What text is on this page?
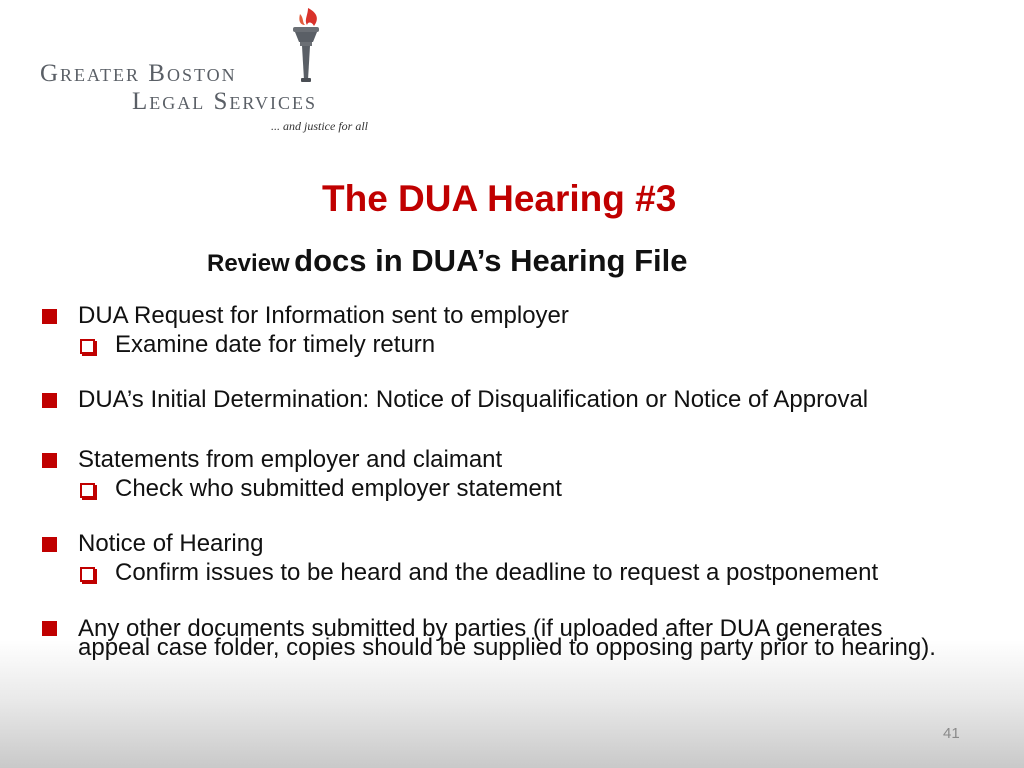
Greater Boston
Legal Services
... and justice for all
The DUA Hearing #3
Review docs in DUA’s Hearing File
DUA Request for Information sent to employer
Examine date for timely return
DUA’s Initial Determination: Notice of Disqualification or Notice of Approval
Statements from employer and claimant
Check who submitted employer statement
Notice of Hearing
Confirm issues to be heard and the deadline to request a postponement
Any other documents submitted by parties (if uploaded after DUA generates appeal case folder, copies should be supplied to opposing party prior to hearing).
41
